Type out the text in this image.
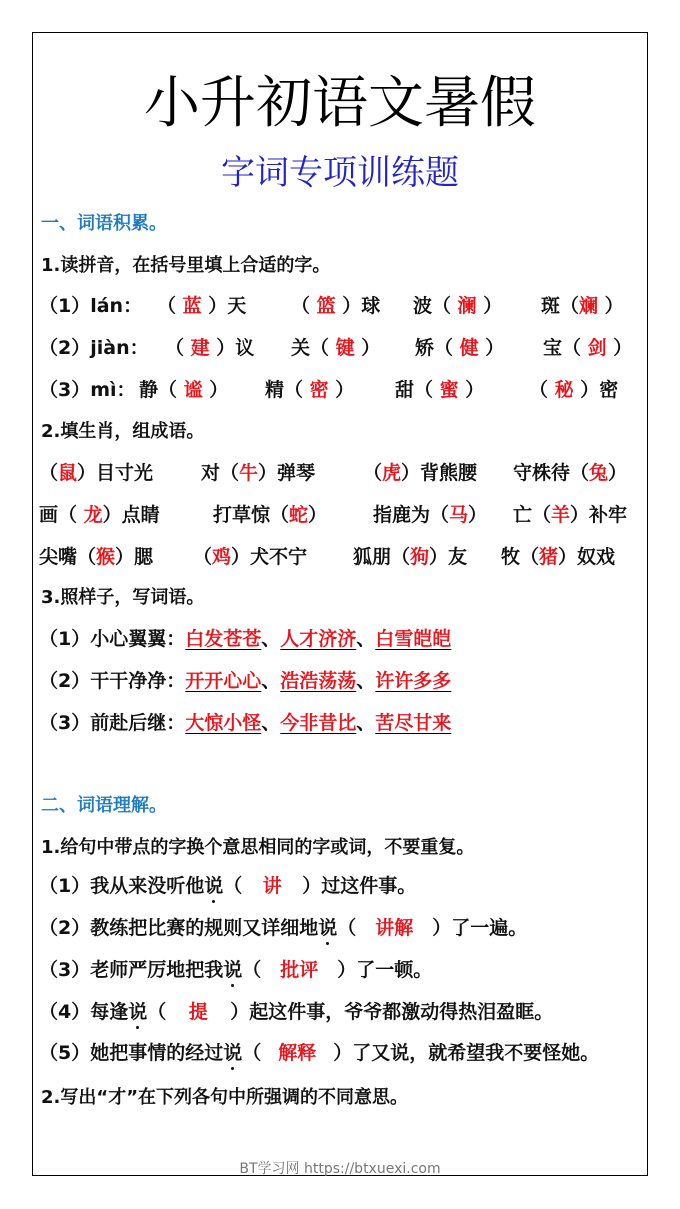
小升初语文暑假
字词专项训练题
一、词语积累。
1.读拼音，在括号里填上合适的字。
（1）lán： （ 蓝 ）天 （ 篮 ）球 波（ 澜 ） 斑（斓 ）
（2）jiàn： （ 建 ）议 关（ 键 ） 矫（ 健 ） 宝（ 剑 ）
（3）mì： 静（ 谧 ） 精（ 密 ） 甜（ 蜜 ） （ 秘 ）密
2.填生肖，组成语。
（鼠）目寸光	对（牛）弹琴	（虎）背熊腰 守株待（兔）
画（ 龙）点睛	打草惊（蛇） 指鹿为（马） 亡（羊）补牢
尖嘴（猴）腮 （鸡）犬不宁 狐朋（狗）友 牧（猪）奴戏
3.照样子，写词语。
（1）小心翼翼：白发苍苍、人才济济、白雪皑皑
（2）干干净净：开开心心、浩浩荡荡、许许多多
（3）前赴后继：大惊小怪、今非昔比、苦尽甘来
二、词语理解。
1.给句中带点的字换个意思相同的字或词，不要重复。
（1）我从来没听他说（ 讲 ）过这件事。
（2）教练把比赛的规则又详细地说（ 讲解 ）了一遍。
（3）老师严厉地把我说（ 批评 ）了一顿。
（4）每逢说（ 提 ）起这件事，爷爷都激动得热泪盈眶。
（5）她把事情的经过说（ 解释 ）了又说，就希望我不要怪她。
2.写出“才”在下列各句中所强调的不同意思。
BT学习网 https://btxuexi.com
